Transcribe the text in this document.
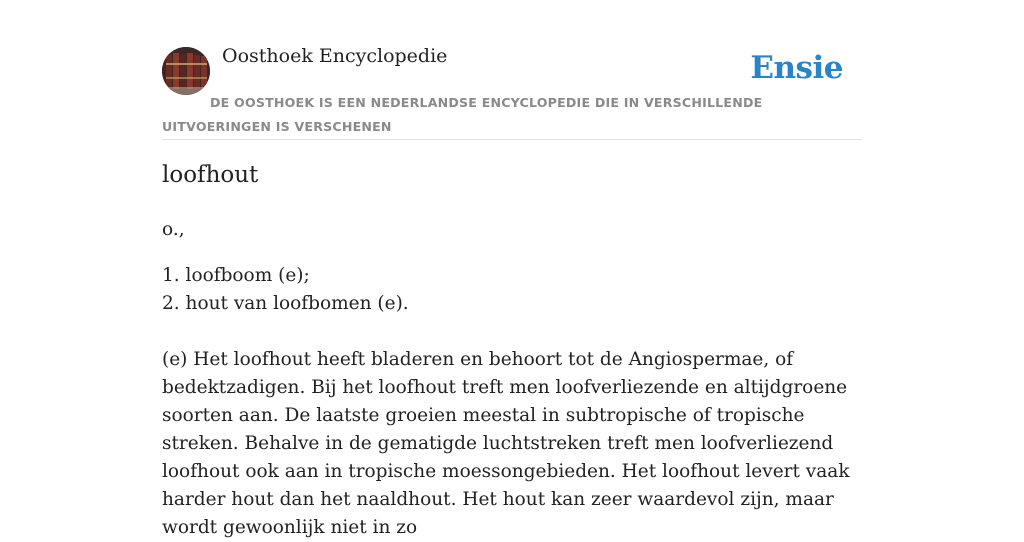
Oosthoek Encyclopedie	Ensie
DE OOSTHOEK IS EEN NEDERLANDSE ENCYCLOPEDIE DIE IN VERSCHILLENDE UITVOERINGEN IS VERSCHENEN
loofhout

o.,

1. loofboom (e);

2. hout van loofbomen (e).

(e) Het loofhout heeft bladeren en behoort tot de Angiospermae, of bedektzadigen. Bij het loofhout treft men loofverliezende en altijdgroene soorten aan. De laatste groeien meestal in subtropische of tropische streken. Behalve in de gematigde luchtstreken treft men loofverliezend loofhout ook aan in tropische moessongebieden. Het loofhout levert vaak harder hout dan het naaldhout. Het hout kan zeer waardevol zijn, maar wordt gewoonlijk niet in zo
